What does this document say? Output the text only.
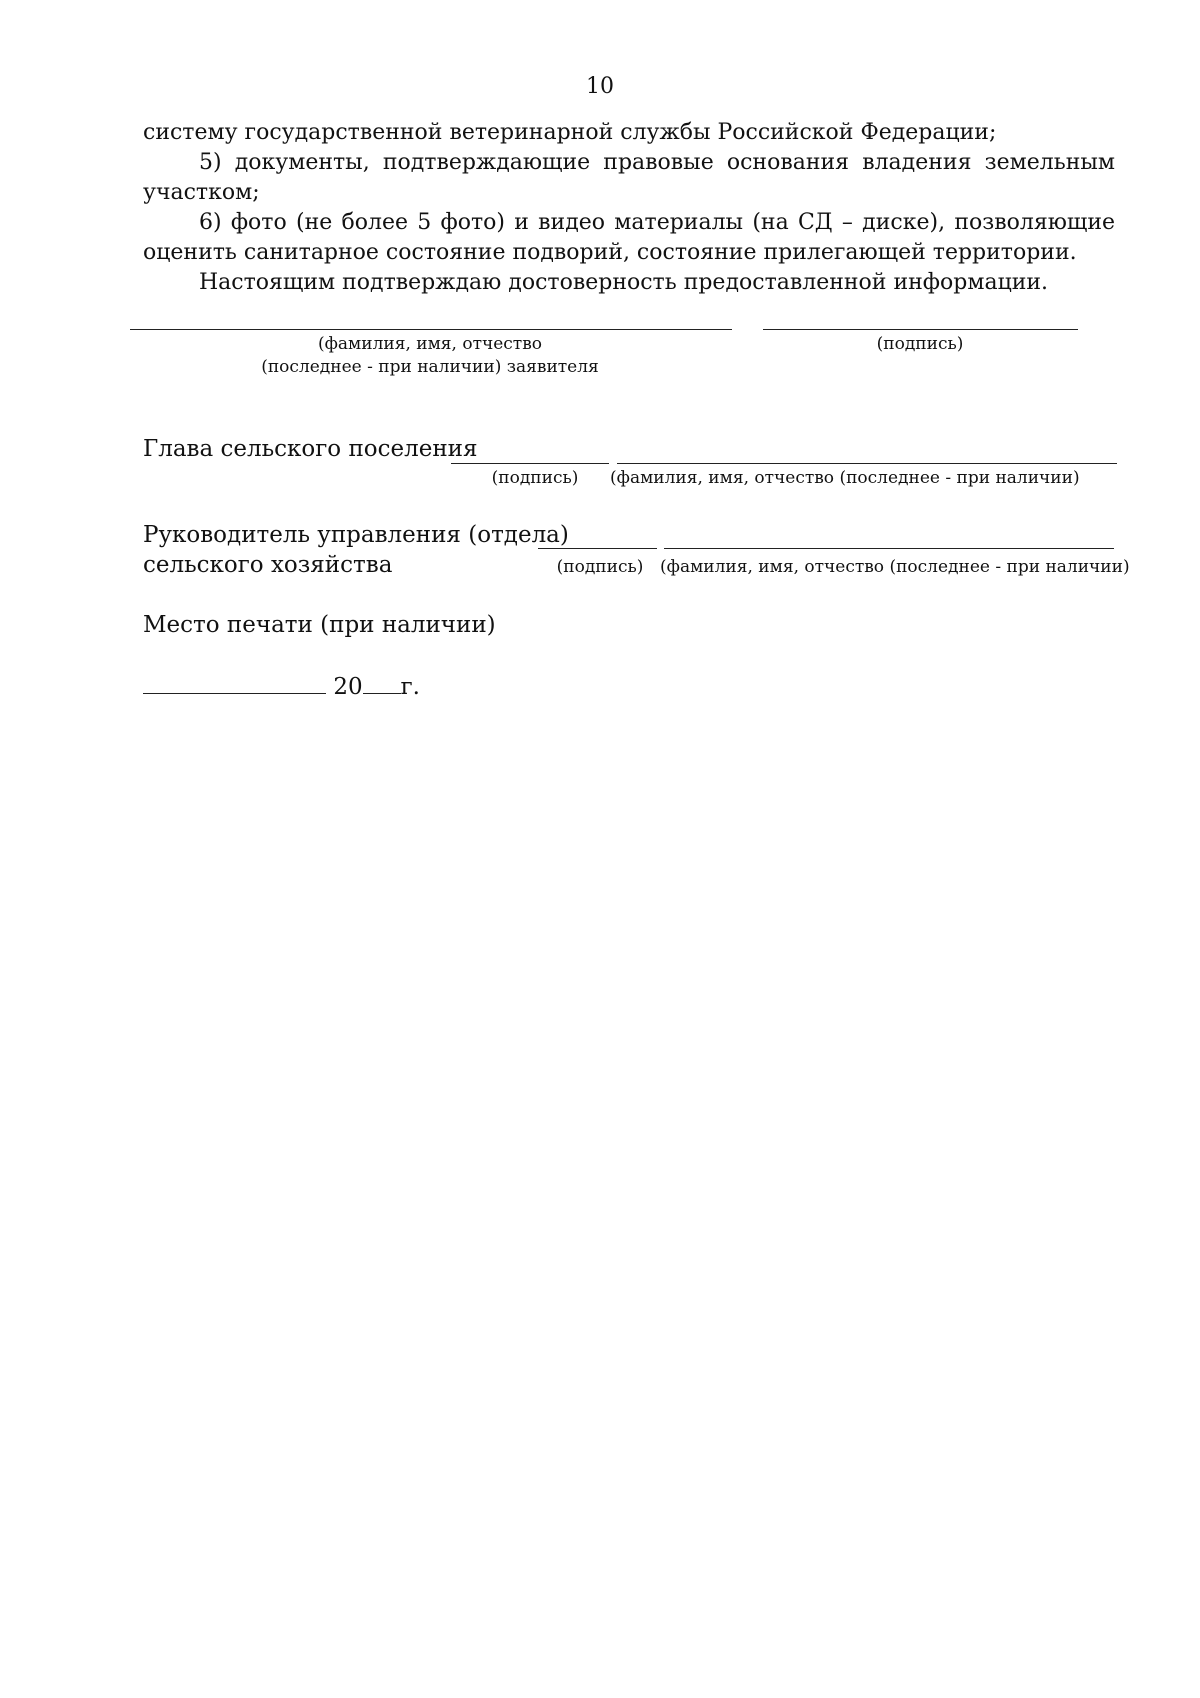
10
систему государственной ветеринарной службы Российской Федерации;
5) документы, подтверждающие правовые основания владения земельным участком;
6) фото (не более 5 фото) и видео материалы (на СД – диске), позволяющие оценить санитарное состояние подворий, состояние прилегающей территории.
Настоящим подтверждаю достоверность предоставленной информации.
(фамилия, имя, отчество
(последнее - при наличии) заявителя
(подпись)
Глава сельского поселения
(подпись)	(фамилия, имя, отчество (последнее - при наличии)
Руководитель управления (отдела)
сельского хозяйства	(подпись) (фамилия, имя, отчество (последнее - при наличии)
Место печати (при наличии)
20 г.
